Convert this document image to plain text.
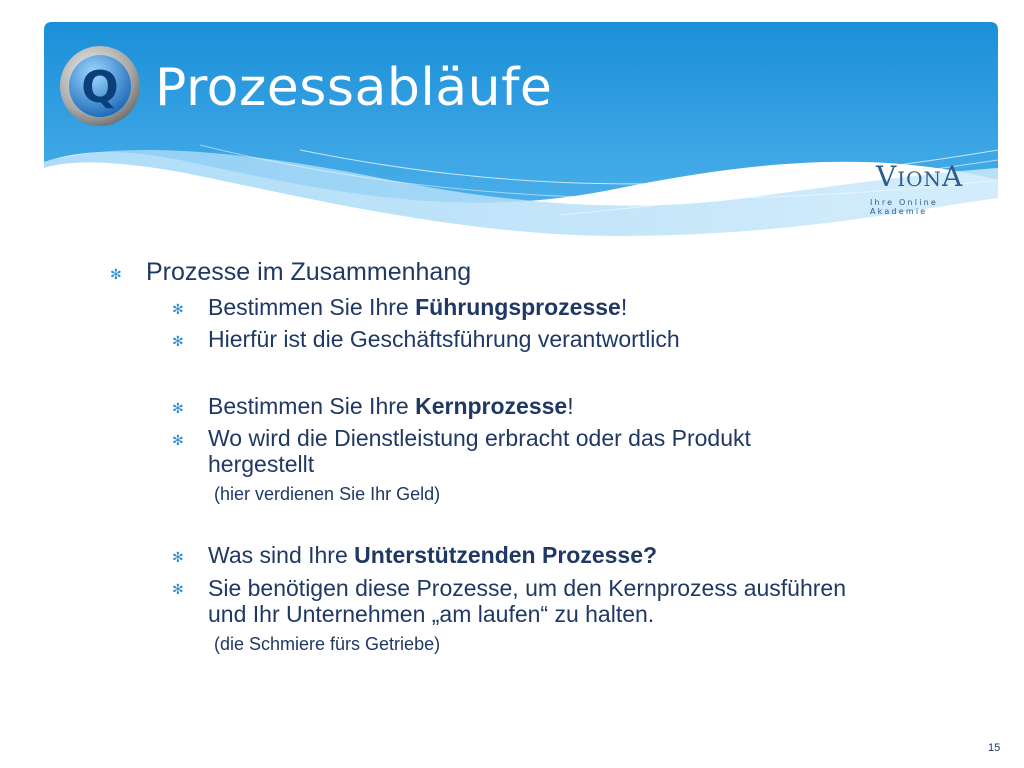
Q Prozessabläufe
VIONA
Ihre Online Akademie
✻ Prozesse im Zusammenhang
✻ Bestimmen Sie Ihre Führungsprozesse!
✻ Hierfür ist die Geschäftsführung verantwortlich
✻ Bestimmen Sie Ihre Kernprozesse!
✻ Wo wird die Dienstleistung erbracht oder das Produkt
hergestellt
(hier verdienen Sie Ihr Geld)
✻ Was sind Ihre Unterstützenden Prozesse?
✻ Sie benötigen diese Prozesse, um den Kernprozess ausführen
und Ihr Unternehmen „am laufen“ zu halten.
(die Schmiere fürs Getriebe)
15
